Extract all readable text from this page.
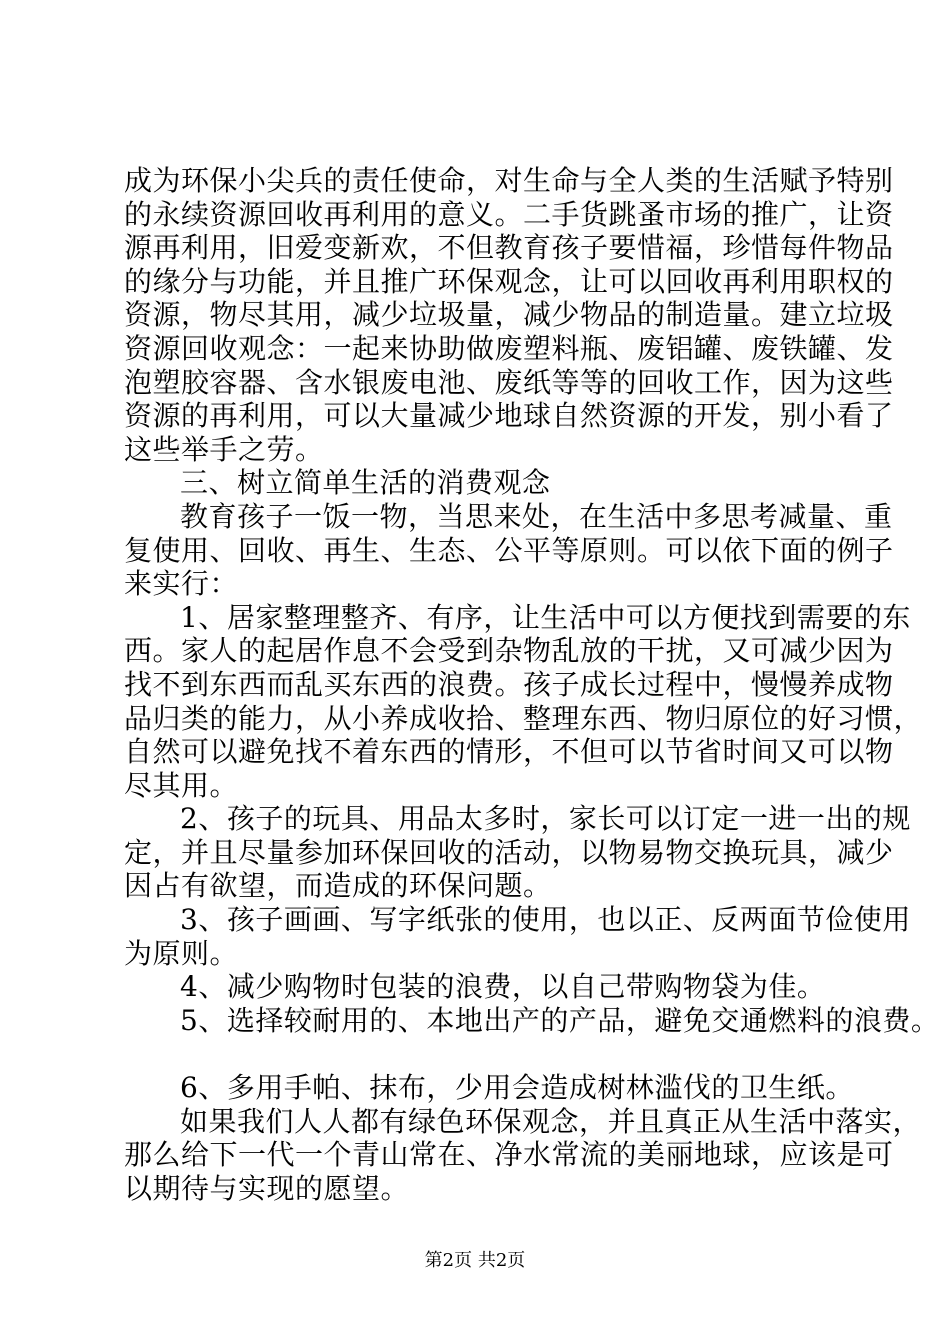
成为环保小尖兵的责任使命，对生命与全人类的生活赋予特别
的永续资源回收再利用的意义。二手货跳蚤市场的推广，让资
源再利用，旧爱变新欢，不但教育孩子要惜福，珍惜每件物品
的缘分与功能，并且推广环保观念，让可以回收再利用职权的
资源，物尽其用，减少垃圾量，减少物品的制造量。建立垃圾
资源回收观念：一起来协助做废塑料瓶、废铝罐、废铁罐、发
泡塑胶容器、含水银废电池、废纸等等的回收工作，因为这些
资源的再利用，可以大量减少地球自然资源的开发，别小看了
这些举手之劳。
三、树立简单生活的消费观念
教育孩子一饭一物，当思来处，在生活中多思考减量、重
复使用、回收、再生、生态、公平等原则。可以依下面的例子
来实行：
1、居家整理整齐、有序，让生活中可以方便找到需要的东
西。家人的起居作息不会受到杂物乱放的干扰，又可减少因为
找不到东西而乱买东西的浪费。孩子成长过程中，慢慢养成物
品归类的能力，从小养成收拾、整理东西、物归原位的好习惯，
自然可以避免找不着东西的情形，不但可以节省时间又可以物
尽其用。
2、孩子的玩具、用品太多时，家长可以订定一进一出的规
定，并且尽量参加环保回收的活动，以物易物交换玩具，减少
因占有欲望，而造成的环保问题。
3、孩子画画、写字纸张的使用，也以正、反两面节俭使用
为原则。
4、减少购物时包装的浪费，以自己带购物袋为佳。
5、选择较耐用的、本地出产的产品，避免交通燃料的浪费。
6、多用手帕、抹布，少用会造成树林滥伐的卫生纸。
如果我们人人都有绿色环保观念，并且真正从生活中落实，
那么给下一代一个青山常在、净水常流的美丽地球，应该是可
以期待与实现的愿望。
第2页 共2页
